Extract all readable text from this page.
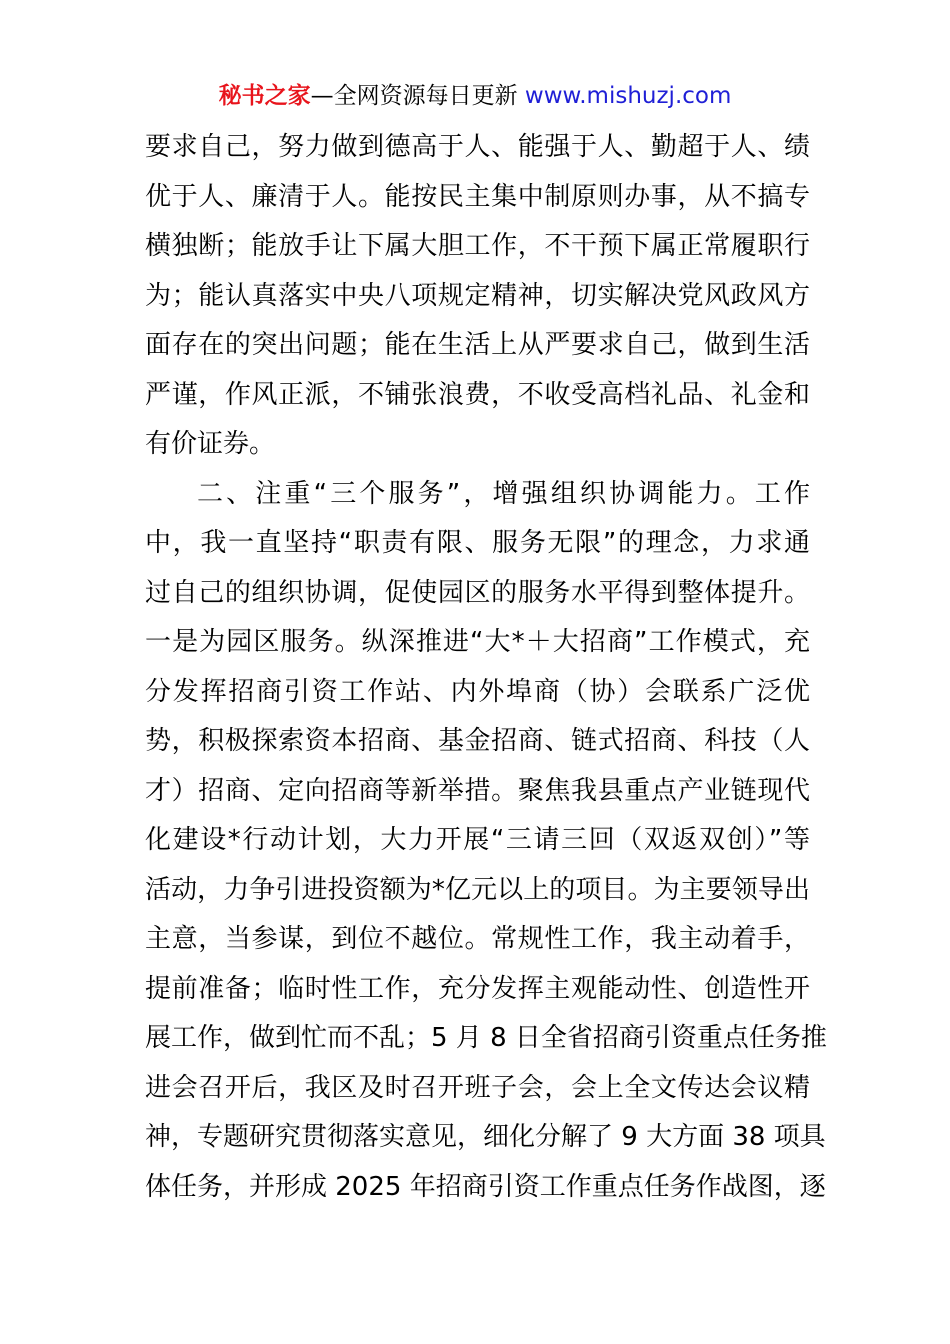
秘书之家—全网资源每日更新 www.mishuzj.com
要求自己，努力做到德高于人、能强于人、勤超于人、绩
优于人、廉清于人。能按民主集中制原则办事，从不搞专
横独断；能放手让下属大胆工作，不干预下属正常履职行
为；能认真落实中央八项规定精神，切实解决党风政风方
面存在的突出问题；能在生活上从严要求自己，做到生活
严谨，作风正派，不铺张浪费，不收受高档礼品、礼金和
有价证券。
二、注重“三个服务”，增强组织协调能力。工作
中，我一直坚持“职责有限、服务无限”的理念，力求通
过自己的组织协调，促使园区的服务水平得到整体提升。
一是为园区服务。纵深推进“大*＋大招商”工作模式，充
分发挥招商引资工作站、内外埠商（协）会联系广泛优
势，积极探索资本招商、基金招商、链式招商、科技（人
才）招商、定向招商等新举措。聚焦我县重点产业链现代
化建设*行动计划，大力开展“三请三回（双返双创）”等
活动，力争引进投资额为*亿元以上的项目。为主要领导出
主意，当参谋，到位不越位。常规性工作，我主动着手，
提前准备；临时性工作，充分发挥主观能动性、创造性开
展工作，做到忙而不乱；5 月 8 日全省招商引资重点任务推
进会召开后，我区及时召开班子会，会上全文传达会议精
神，专题研究贯彻落实意见，细化分解了 9 大方面 38 项具
体任务，并形成 2025 年招商引资工作重点任务作战图，逐
